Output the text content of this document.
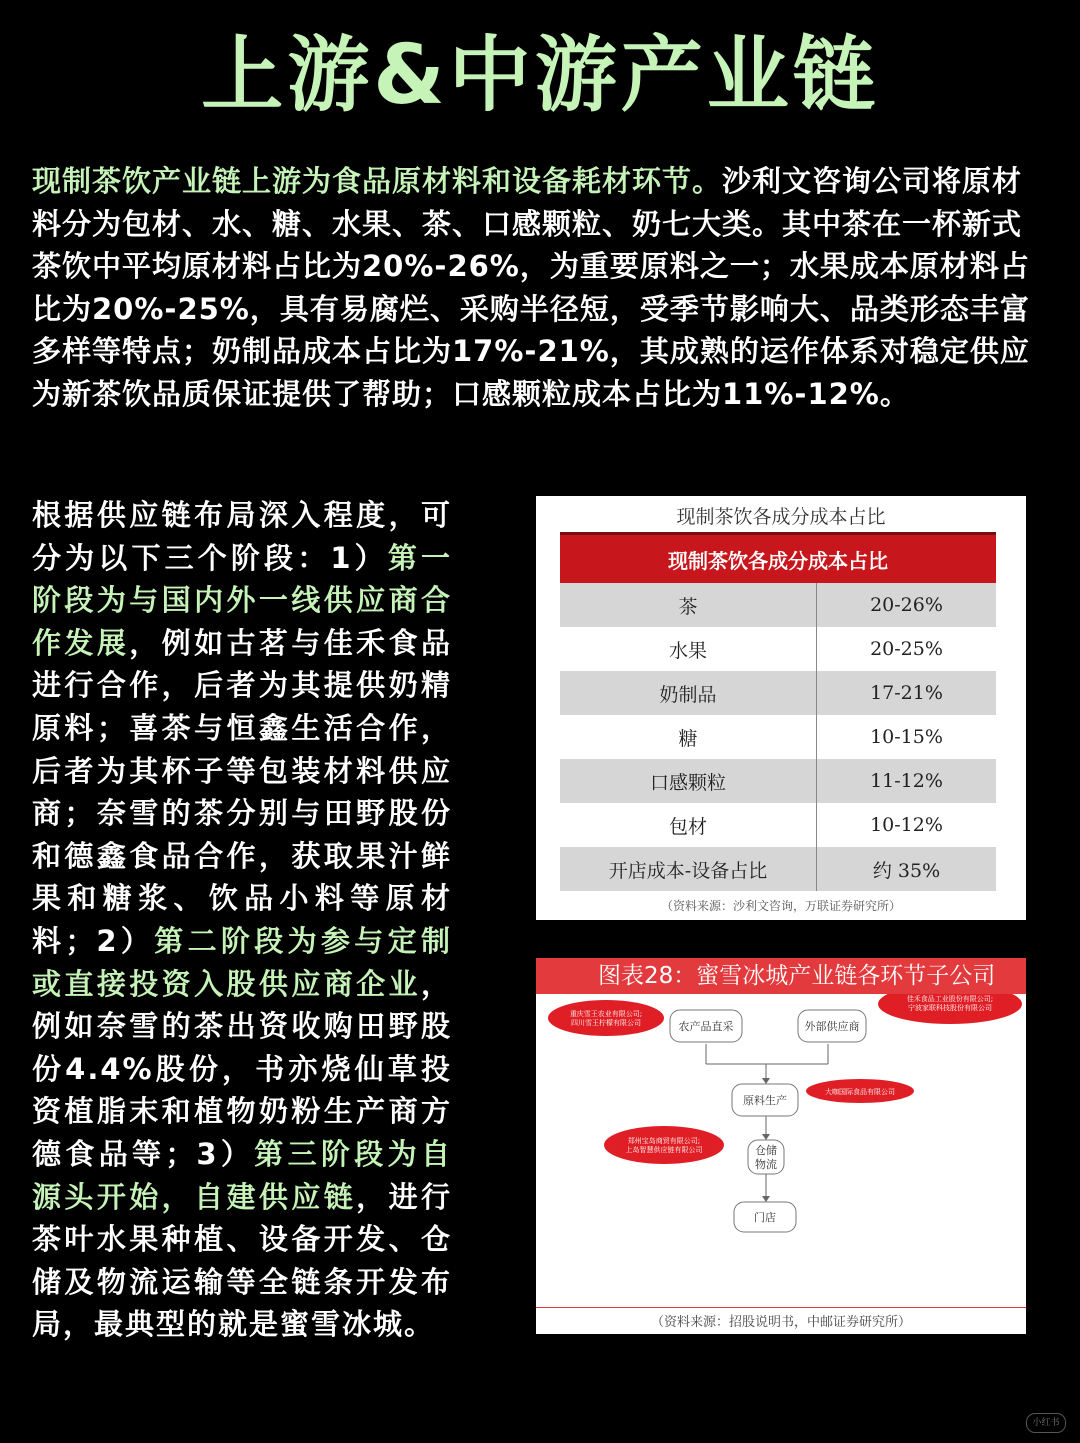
上游&中游产业链

现制茶饮产业链上游为食品原材料和设备耗材环节。沙利文咨询公司将原材料分为包材、水、糖、水果、茶、口感颗粒、奶七大类。其中茶在一杯新式茶饮中平均原材料占比为20%-26%，为重要原料之一；水果成本原材料占比为20%-25%，具有易腐烂、采购半径短，受季节影响大、品类形态丰富多样等特点；奶制品成本占比为17%-21%，其成熟的运作体系对稳定供应为新茶饮品质保证提供了帮助；口感颗粒成本占比为11%-12%。

根据供应链布局深入程度，可分为以下三个阶段：1）第一阶段为与国内外一线供应商合作发展，例如古茗与佳禾食品进行合作，后者为其提供奶精原料；喜茶与恒鑫生活合作，后者为其杯子等包装材料供应商；奈雪的茶分别与田野股份和德鑫食品合作，获取果汁鲜果和糖浆、饮品小料等原材料；2）第二阶段为参与定制或直接投资入股供应商企业，例如奈雪的茶出资收购田野股份4.4%股份，书亦烧仙草投资植脂末和植物奶粉生产商方德食品等；3）第三阶段为自源头开始，自建供应链，进行茶叶水果种植、设备开发、仓储及物流运输等全链条开发布局，最典型的就是蜜雪冰城。

现制茶饮各成分成本占比
现制茶饮各成分成本占比	
茶	20-26%
水果	20-25%
奶制品	17-21%
糖	10-15%
口感颗粒	11-12%
包材	10-12%
开店成本-设备占比	约 35%
（资料来源：沙利文咨询，万联证券研究所）
图表28：蜜雪冰城产业链各环节子公司
农产品直采	外部供应商
原料生产
仓储
物流
门店
重庆雪王农业有限公司;
四川雪王柠檬有限公司
佳禾食品工业股份有限公司;
宁波家联科技股份有限公司
大咖国际食品有限公司
郑州宝岛商贸有限公司;
上岛智慧供应链有限公司
（资料来源：招股说明书，中邮证券研究所）
小红书
